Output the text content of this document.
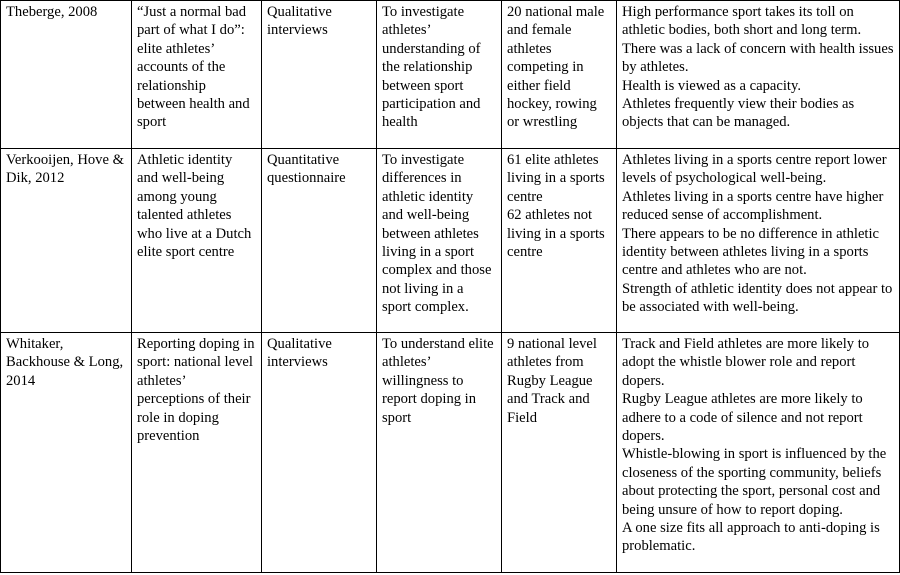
Theberge, 2008	“Just a normal bad part of what I do”: elite athletes’ accounts of the relationship between health and sport	Qualitative interviews	To investigate athletes’ understanding of the relationship between sport participation and health	20 national male and female athletes competing in either field hockey, rowing or wrestling	High performance sport takes its toll on athletic bodies, both short and long term.
There was a lack of concern with health issues by athletes.
Health is viewed as a capacity.
Athletes frequently view their bodies as objects that can be managed.

Verkooijen, Hove & Dik, 2012	Athletic identity and well-being among young talented athletes who live at a Dutch elite sport centre	Quantitative questionnaire	To investigate differences in athletic identity and well-being between athletes living in a sport complex and those not living in a sport complex.	61 elite athletes living in a sports centre
62 athletes not living in a sports centre	Athletes living in a sports centre report lower levels of psychological well-being.
Athletes living in a sports centre have higher reduced sense of accomplishment.
There appears to be no difference in athletic identity between athletes living in a sports centre and athletes who are not.
Strength of athletic identity does not appear to be associated with well-being.

Whitaker, Backhouse & Long, 2014	Reporting doping in sport: national level athletes’ perceptions of their role in doping prevention	Qualitative interviews	To understand elite athletes’ willingness to report doping in sport	9 national level athletes from Rugby League and Track and Field	Track and Field athletes are more likely to adopt the whistle blower role and report dopers.
Rugby League athletes are more likely to adhere to a code of silence and not report dopers.
Whistle-blowing in sport is influenced by the closeness of the sporting community, beliefs about protecting the sport, personal cost and being unsure of how to report doping.
A one size fits all approach to anti-doping is problematic.
